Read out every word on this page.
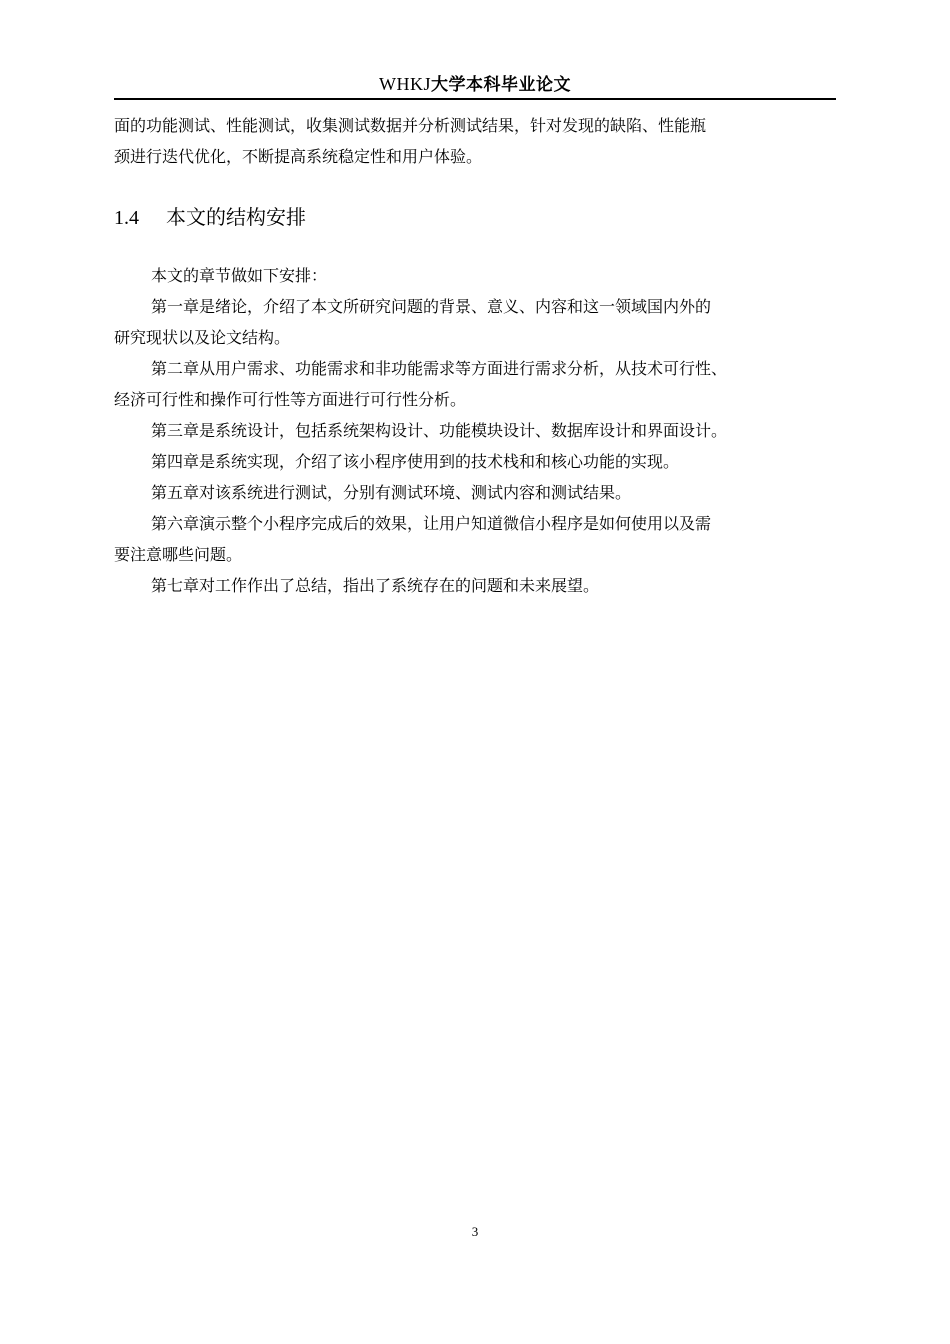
WHKJ大学本科毕业论文
面的功能测试、性能测试，收集测试数据并分析测试结果，针对发现的缺陷、性能瓶
颈进行迭代优化，不断提高系统稳定性和用户体验。
1.4 本文的结构安排
本文的章节做如下安排：
第一章是绪论，介绍了本文所研究问题的背景、意义、内容和这一领域国内外的
研究现状以及论文结构。
第二章从用户需求、功能需求和非功能需求等方面进行需求分析，从技术可行性、
经济可行性和操作可行性等方面进行可行性分析。
第三章是系统设计，包括系统架构设计、功能模块设计、数据库设计和界面设计。
第四章是系统实现，介绍了该小程序使用到的技术栈和和核心功能的实现。
第五章对该系统进行测试，分别有测试环境、测试内容和测试结果。
第六章演示整个小程序完成后的效果，让用户知道微信小程序是如何使用以及需
要注意哪些问题。
第七章对工作作出了总结，指出了系统存在的问题和未来展望。
3
